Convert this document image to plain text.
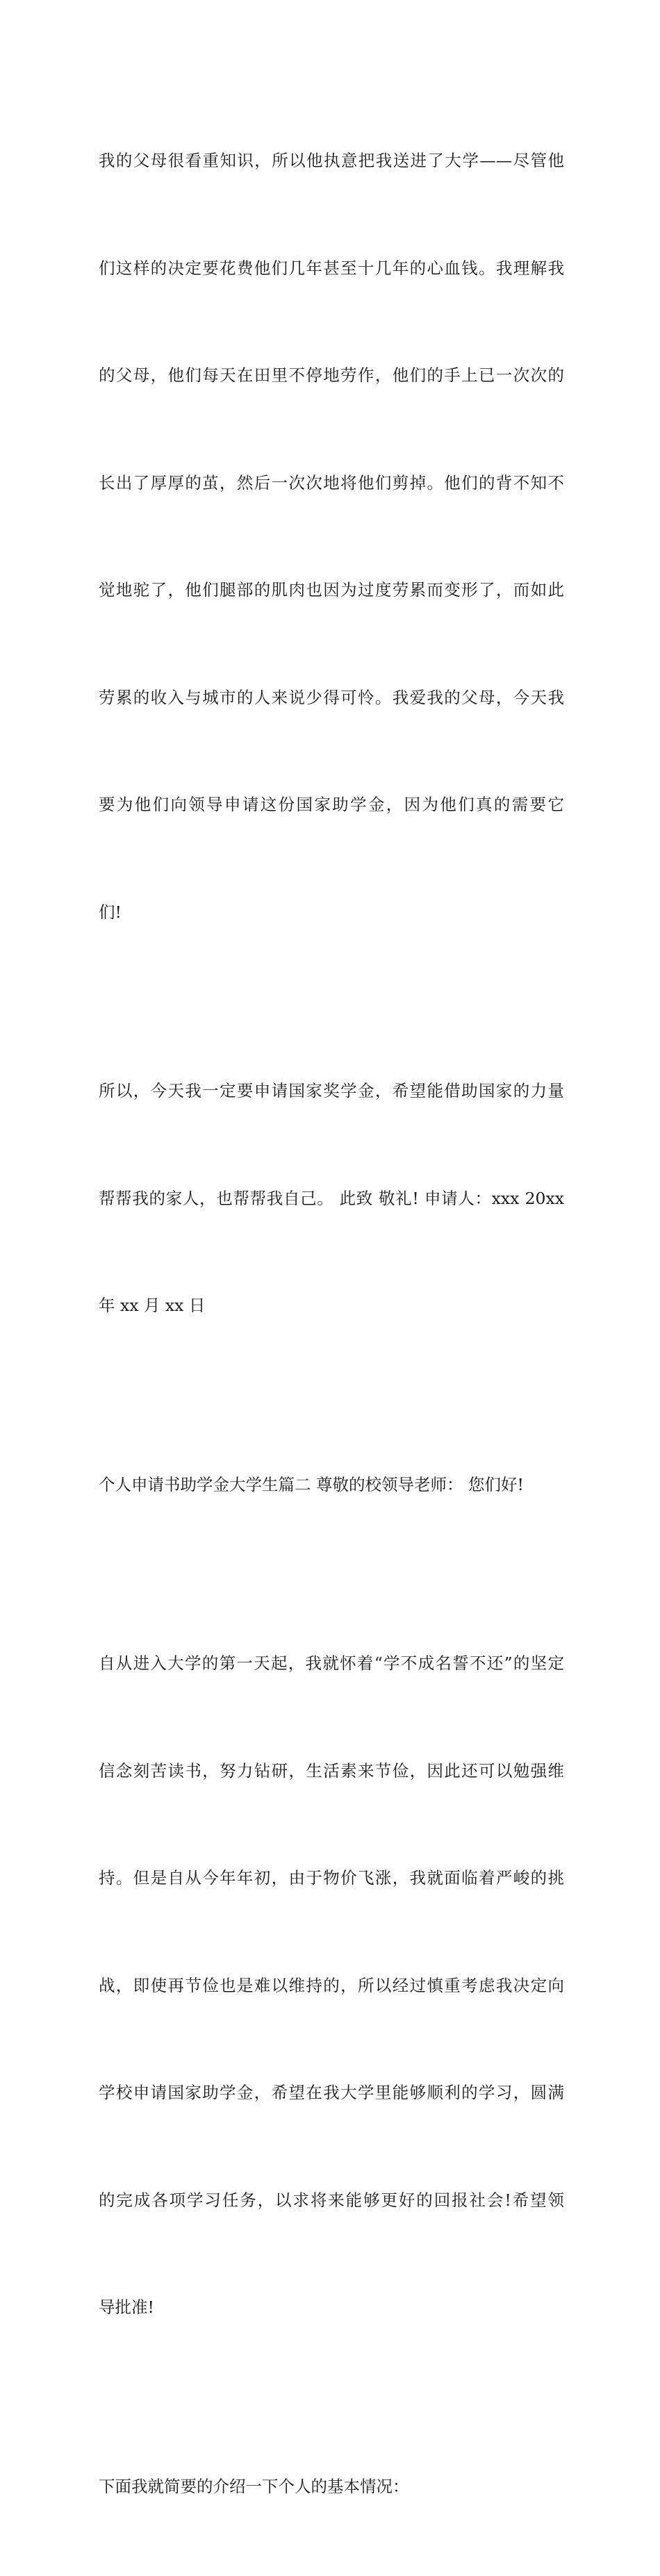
我的父母很看重知识，所以他执意把我送进了大学——尽管他

们这样的决定要花费他们几年甚至十几年的心血钱。我理解我

的父母，他们每天在田里不停地劳作，他们的手上已一次次的

长出了厚厚的茧，然后一次次地将他们剪掉。他们的背不知不

觉地驼了，他们腿部的肌肉也因为过度劳累而变形了，而如此

劳累的收入与城市的人来说少得可怜。我爱我的父母，今天我

要为他们向领导申请这份国家助学金，因为他们真的需要它

们!

所以，今天我一定要申请国家奖学金，希望能借助国家的力量

帮帮我的家人，也帮帮我自己。 此致 敬礼! 申请人：xxx 20xx

年 xx 月 xx 日

个人申请书助学金大学生篇二 尊敬的校领导老师： 您们好!

自从进入大学的第一天起，我就怀着“学不成名誓不还”的坚定

信念刻苦读书，努力钻研，生活素来节俭，因此还可以勉强维

持。但是自从今年年初，由于物价飞涨，我就面临着严峻的挑

战，即使再节俭也是难以维持的，所以经过慎重考虑我决定向

学校申请国家助学金，希望在我大学里能够顺利的学习，圆满

的完成各项学习任务，以求将来能够更好的回报社会!希望领

导批准!

下面我就简要的介绍一下个人的基本情况：
